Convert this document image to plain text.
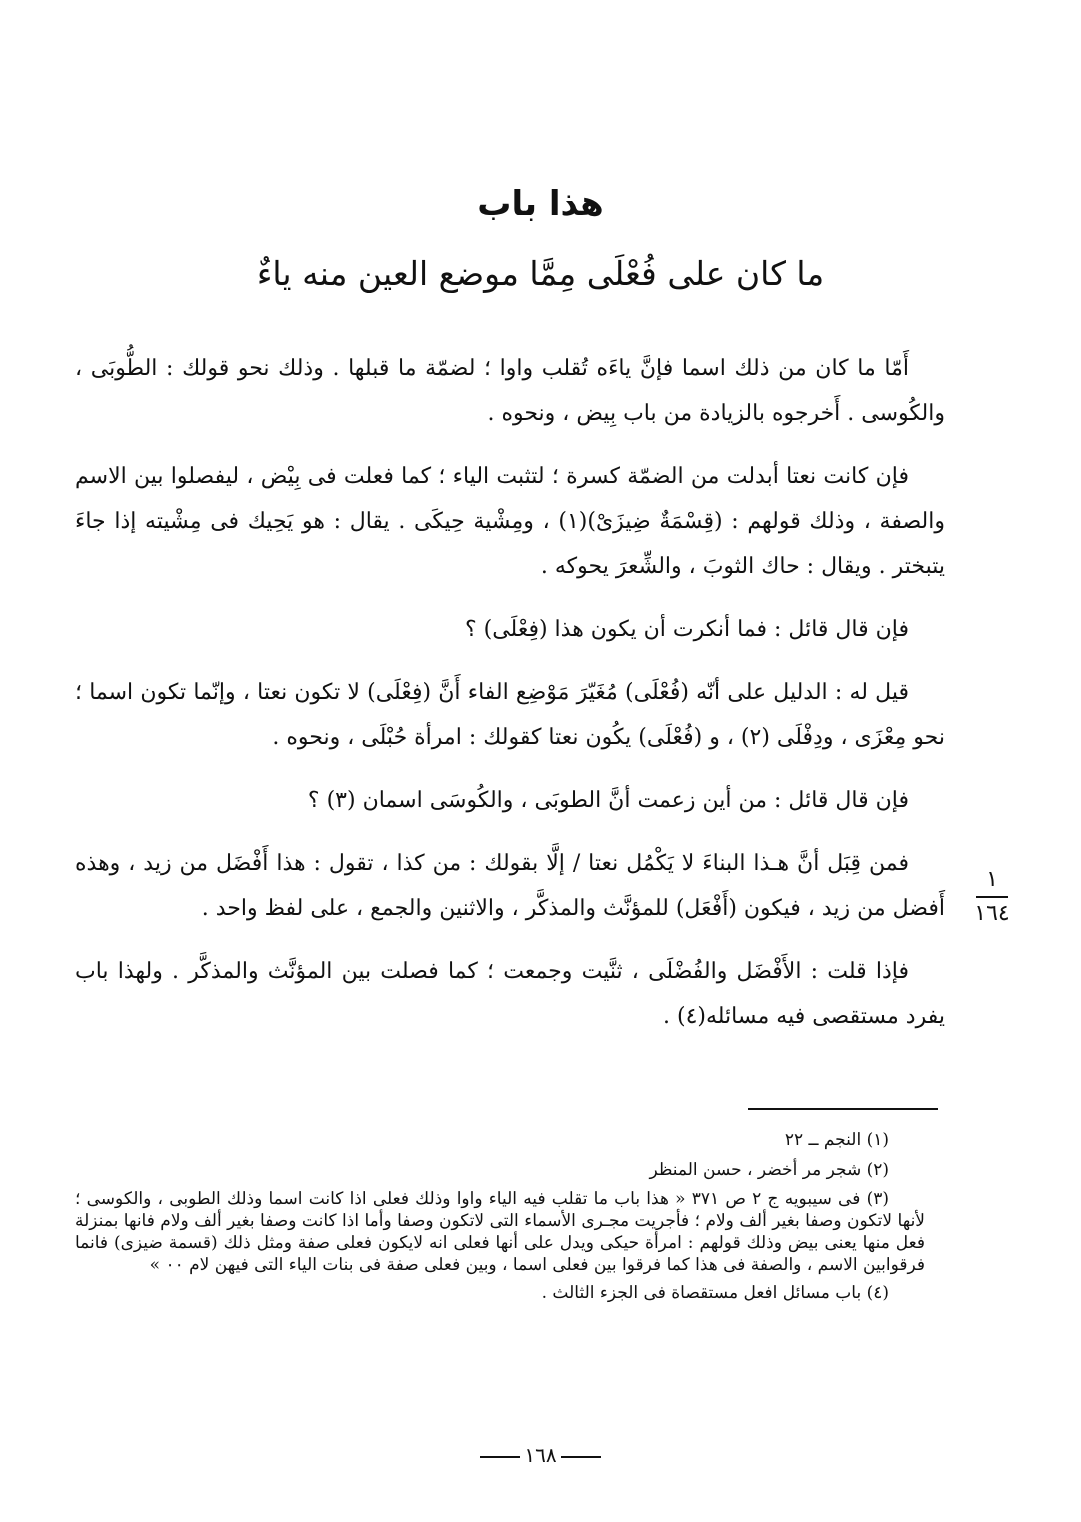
هذا باب
ما كان على فُعْلَى مِمَّا موضع العين منه ياءٌ

أَمّا ما كان من ذلك اسما فإنَّ ياءَه تُقلب واوا ؛ لضمّة ما قبلها . وذلك نحو قولك : الطُّوبَى ، والكُوسى . أَخرجوه بالزيادة من باب بِيض ، ونحوه .

فإن كانت نعتا أبدلت من الضمّة كسرة ؛ لتثبت الياء ؛ كما فعلت فى بِيْض ، ليفصلوا بين الاسم والصفة ، وذلك قولهم : (قِسْمَةٌ ضِيزَىْ)(١) ، ومِشْية حِيكَى . يقال : هو يَحِيك فى مِشْيته إذا جاءَ يتبختر . ويقال : حاك الثوبَ ، والشِّعرَ يحوكه .

فإن قال قائل : فما أنكرت أن يكون هذا (فِعْلَى) ؟

قيل له : الدليل على أنّه (فُعْلَى) مُغَيّرَ مَوْضِع الفاء أَنَّ (فِعْلَى) لا تكون نعتا ، وإنّما تكون اسما ؛ نحو مِعْزَى ، ودِفْلَى (٢) ، و (فُعْلَى) يكُون نعتا كقولك : امرأة حُبْلَى ، ونحوه .

فإن قال قائل : من أين زعمت أنَّ الطوبَى ، والكُوسَى اسمان (٣) ؟

فمن قِبَل أنَّ هـذا البناءَ لا يَكْمُل نعتا / إلَّا بقولك : من كذا ، تقول : هذا أَفْضَل من زيد ، وهذه أَفضل من زيد ، فيكون (أَفْعَل) للمؤنَّث والمذكَّر ، والاثنين والجمع ، على لفظ واحد .

فإذا قلت : الأَفْضَل والفُضْلَى ، ثنَّيت وجمعت ؛ كما فصلت بين المؤنَّث والمذكَّر . ولهذا باب يفرد مستقصى فيه مسائله(٤) .

١
١٦٤

(١) النجم ــ ٢٢

(٢) شجر مر أخضر ، حسن المنظر

(٣) فى سيبويه ج ٢ ص ٣٧١ « هذا باب ما تقلب فيه الياء واوا وذلك فعلى اذا كانت اسما وذلك الطوبى ، والكوسى ؛ لأنها لاتكون وصفا بغير ألف ولام ؛ فأجريت مجـرى الأسماء التى لاتكون وصفا وأما اذا كانت وصفا بغير ألف ولام فانها بمنزلة فعل منها يعنى بيض وذلك قولهم : امرأة حيكى ويدل على أنها فعلى انه لايكون فعلى صفة ومثل ذلك (قسمة ضيزى) فانما فرقوابين الاسم ، والصفة فى هذا كما فرقوا بين فعلى اسما ، وبين فعلى صفة فى بنات الياء التى فيهن لام ٠٠ »

(٤) باب مسائل افعل مستقصاة فى الجزء الثالث .

١٦٨
